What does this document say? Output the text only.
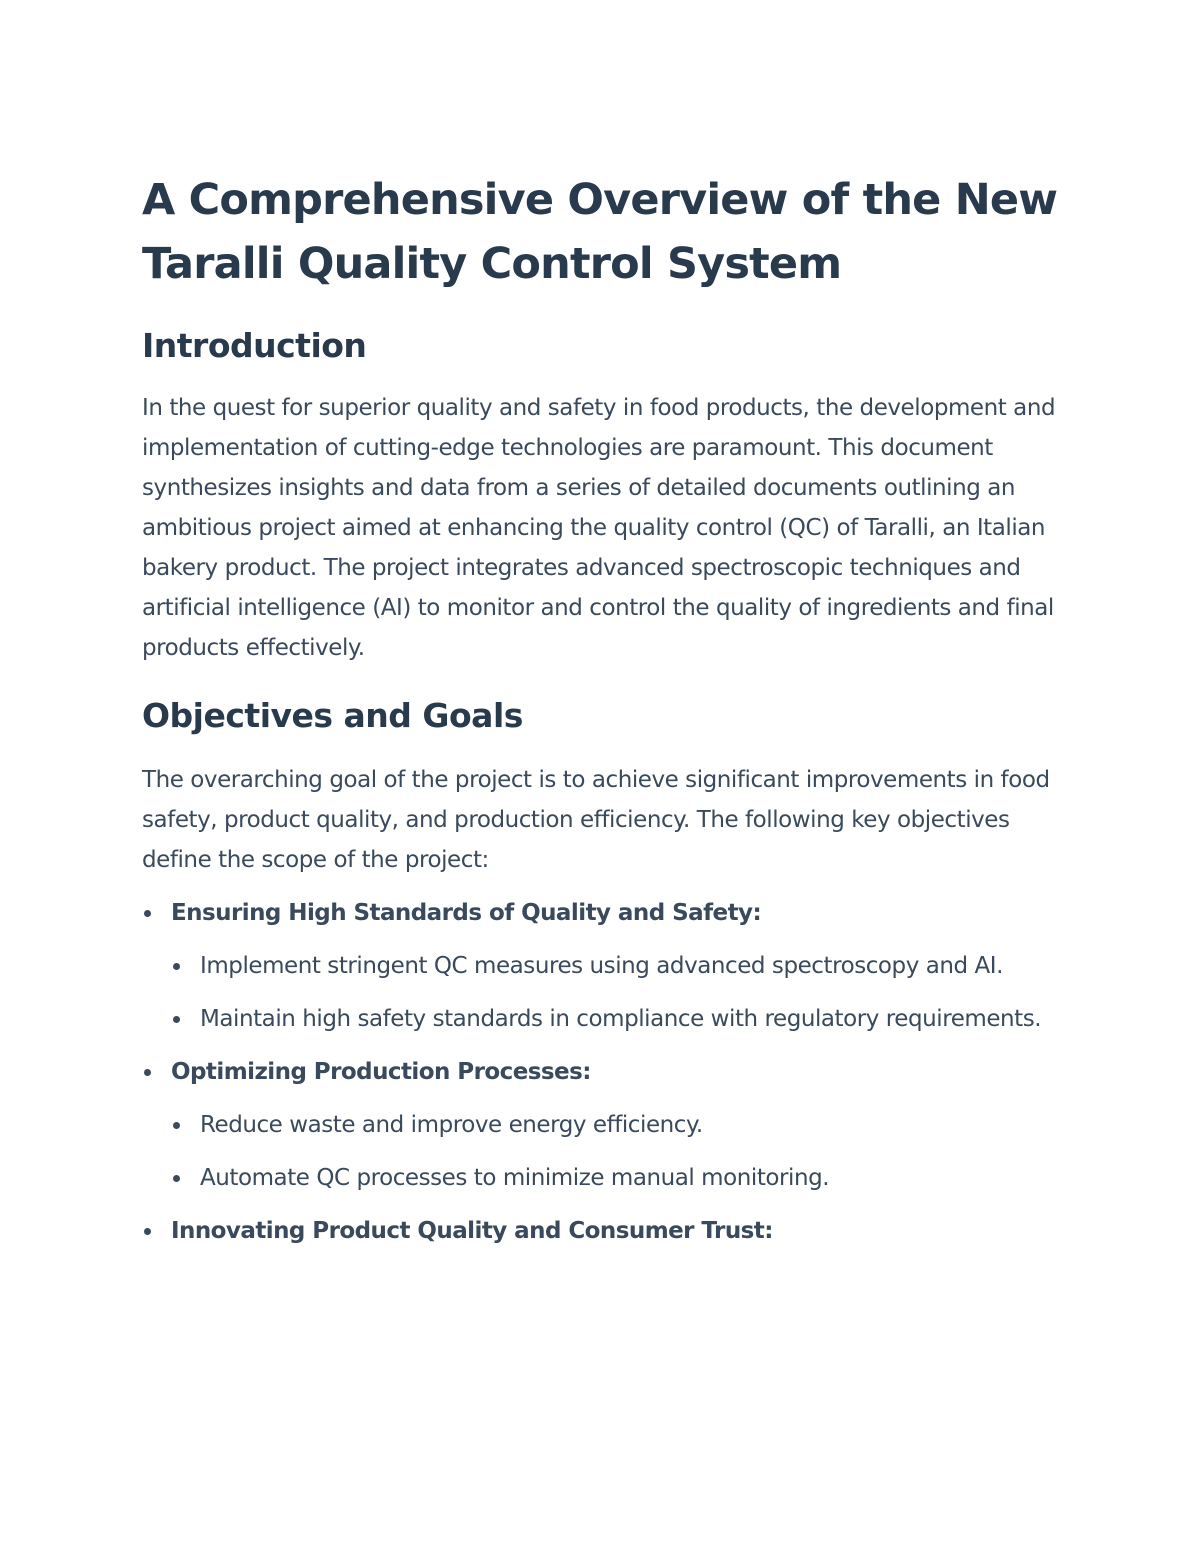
A Comprehensive Overview of the New Taralli Quality Control System
Introduction

In the quest for superior quality and safety in food products, the development and implementation of cutting-edge technologies are paramount. This document synthesizes insights and data from a series of detailed documents outlining an ambitious project aimed at enhancing the quality control (QC) of Taralli, an Italian bakery product. The project integrates advanced spectroscopic techniques and artificial intelligence (AI) to monitor and control the quality of ingredients and final products effectively.

Objectives and Goals

The overarching goal of the project is to achieve significant improvements in food safety, product quality, and production efficiency. The following key objectives define the scope of the project:

Ensuring High Standards of Quality and Safety:
Implement stringent QC measures using advanced spectroscopy and AI.
Maintain high safety standards in compliance with regulatory requirements.
Optimizing Production Processes:
Reduce waste and improve energy efficiency.
Automate QC processes to minimize manual monitoring.
Innovating Product Quality and Consumer Trust:
